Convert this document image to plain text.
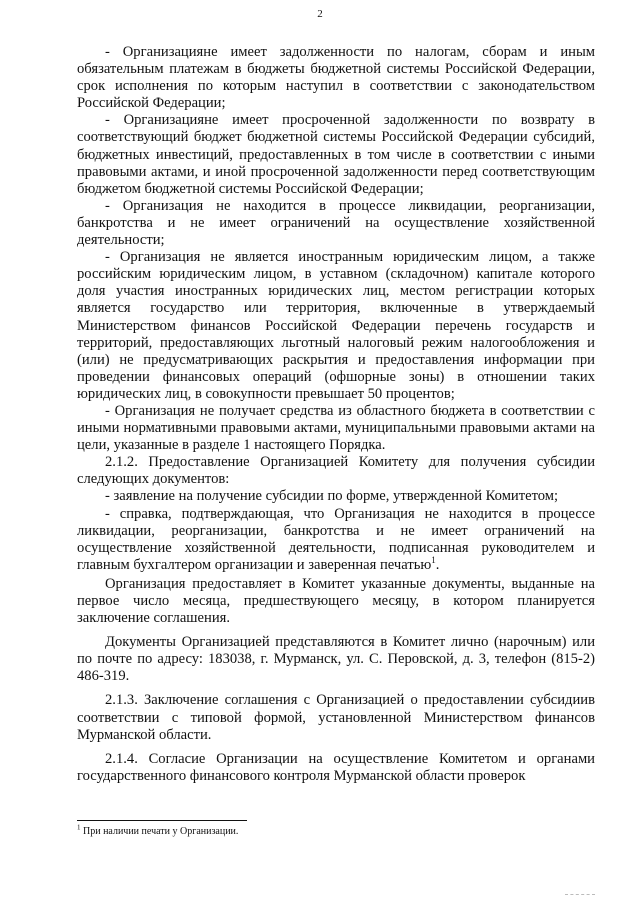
2

- Организацияне имеет задолженности по налогам, сборам и иным обязательным платежам в бюджеты бюджетной системы Российской Федерации, срок исполнения по которым наступил в соответствии с законодательством Российской Федерации;

- Организацияне имеет просроченной задолженности по возврату в соответствующий бюджет бюджетной системы Российской Федерации субсидий, бюджетных инвестиций, предоставленных в том числе в соответствии с иными правовыми актами, и иной просроченной задолженности перед соответствующим бюджетом бюджетной системы Российской Федерации;

- Организация не находится в процессе ликвидации, реорганизации, банкротства и не имеет ограничений на осуществление хозяйственной деятельности;

- Организация не является иностранным юридическим лицом, а также российским юридическим лицом, в уставном (складочном) капитале которого доля участия иностранных юридических лиц, местом регистрации которых является государство или территория, включенные в утверждаемый Министерством финансов Российской Федерации перечень государств и территорий, предоставляющих льготный налоговый режим налогообложения и (или) не предусматривающих раскрытия и предоставления информации при проведении финансовых операций (офшорные зоны) в отношении таких юридических лиц, в совокупности превышает 50 процентов;

- Организация не получает средства из областного бюджета в соответствии с иными нормативными правовыми актами, муниципальными правовыми актами на цели, указанные в разделе 1 настоящего Порядка.

2.1.2. Предоставление Организацией Комитету для получения субсидии следующих документов:

- заявление на получение субсидии по форме, утвержденной Комитетом;

- справка, подтверждающая, что Организация не находится в процессе ликвидации, реорганизации, банкротства и не имеет ограничений на осуществление хозяйственной деятельности, подписанная руководителем и главным бухгалтером организации и заверенная печатью$^1$.

Организация предоставляет в Комитет указанные документы, выданные на первое число месяца, предшествующего месяцу, в котором планируется заключение соглашения.

Документы Организацией представляются в Комитет лично (нарочным) или по почте по адресу: 183038, г. Мурманск, ул. С. Перовской, д. 3, телефон (815-2) 486-319.

2.1.3. Заключение соглашения с Организацией о предоставлении субсидиив соответствии с типовой формой, установленной Министерством финансов Мурманской области.

2.1.4. Согласие Организации на осуществление Комитетом и органами государственного финансового контроля Мурманской области проверок

$^1$ При наличии печати у Организации.
